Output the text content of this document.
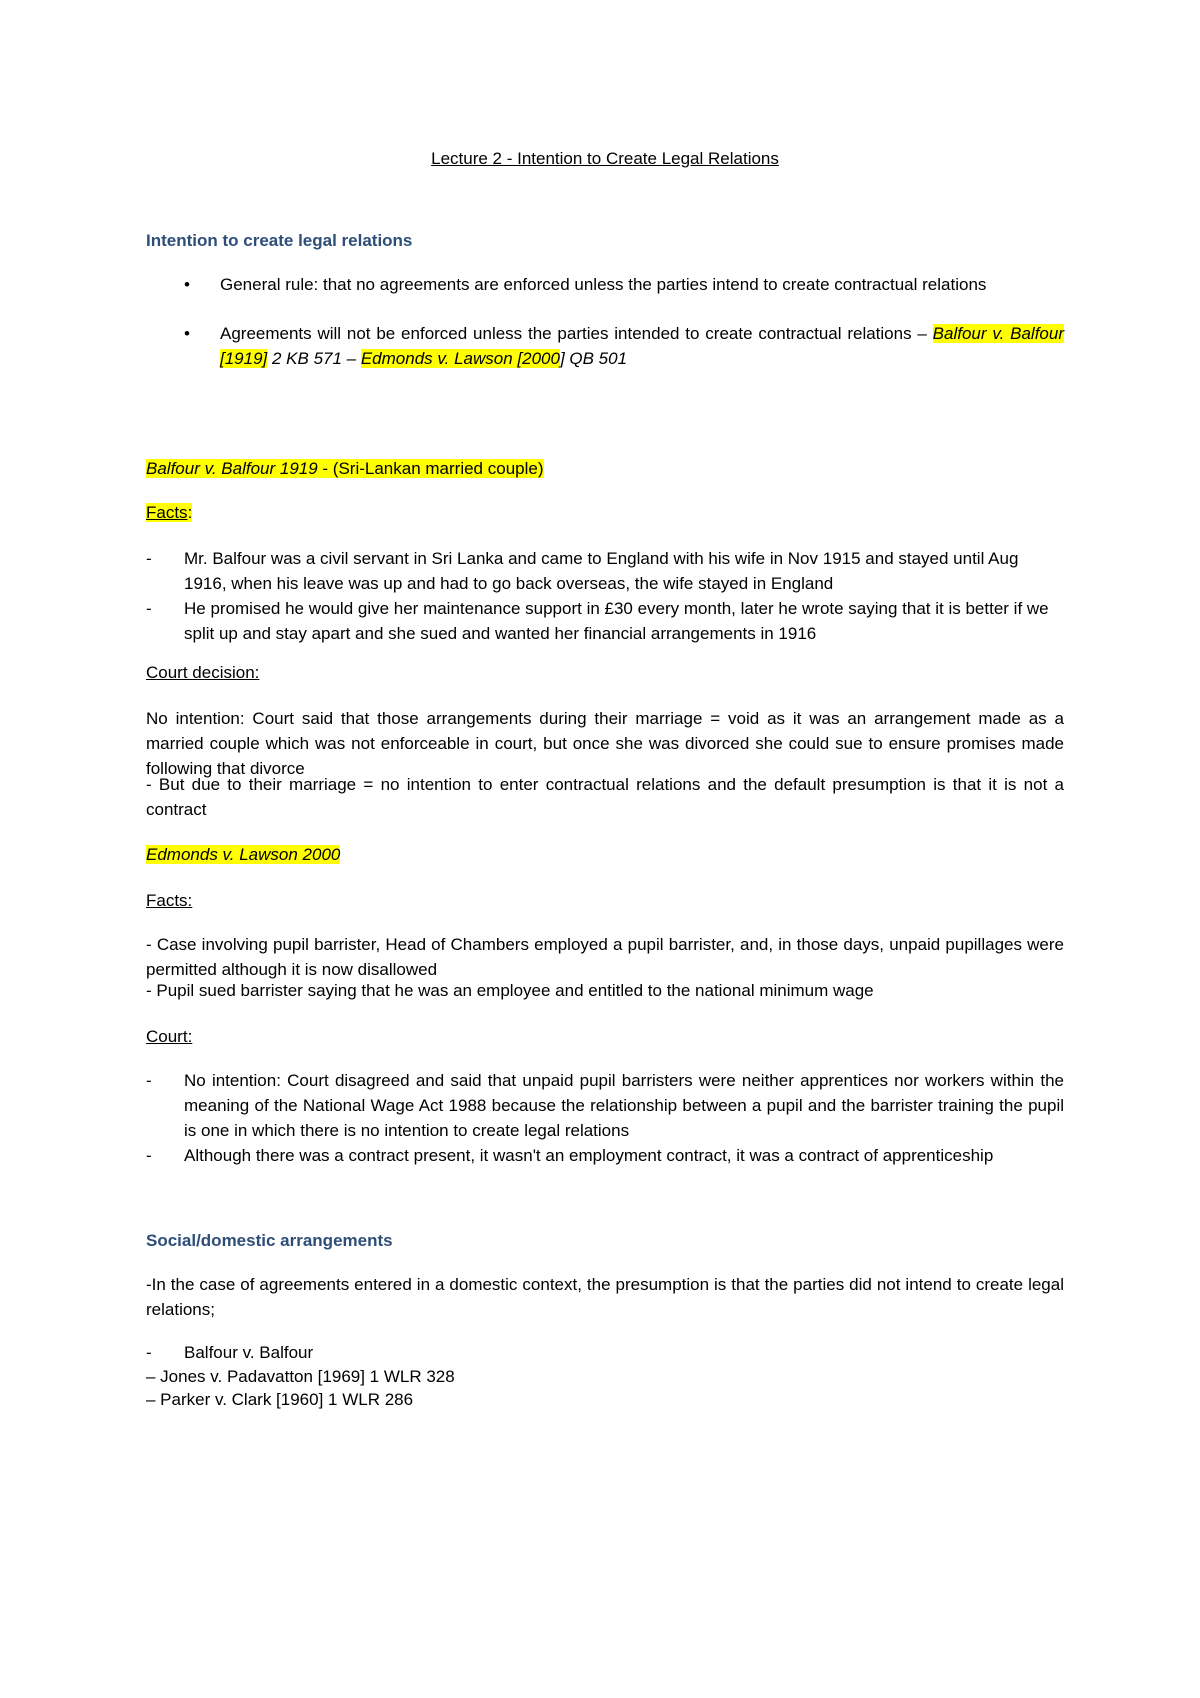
Lecture 2 - Intention to Create Legal Relations
Intention to create legal relations
• General rule: that no agreements are enforced unless the parties intend to create contractual relations
• Agreements will not be enforced unless the parties intended to create contractual relations – Balfour v. Balfour [1919] 2 KB 571 – Edmonds v. Lawson [2000] QB 501
Balfour v. Balfour 1919 - (Sri-Lankan married couple)
Facts:
- Mr. Balfour was a civil servant in Sri Lanka and came to England with his wife in Nov 1915 and stayed until Aug 1916, when his leave was up and had to go back overseas, the wife stayed in England
- He promised he would give her maintenance support in £30 every month, later he wrote saying that it is better if we split up and stay apart and she sued and wanted her financial arrangements in 1916
Court decision:
No intention: Court said that those arrangements during their marriage = void as it was an arrangement made as a married couple which was not enforceable in court, but once she was divorced she could sue to ensure promises made following that divorce
- But due to their marriage = no intention to enter contractual relations and the default presumption is that it is not a contract
Edmonds v. Lawson 2000
Facts:
- Case involving pupil barrister, Head of Chambers employed a pupil barrister, and, in those days, unpaid pupillages were permitted although it is now disallowed
- Pupil sued barrister saying that he was an employee and entitled to the national minimum wage
Court:
- No intention: Court disagreed and said that unpaid pupil barristers were neither apprentices nor workers within the meaning of the National Wage Act 1988 because the relationship between a pupil and the barrister training the pupil is one in which there is no intention to create legal relations
- Although there was a contract present, it wasn't an employment contract, it was a contract of apprenticeship
Social/domestic arrangements
-In the case of agreements entered in a domestic context, the presumption is that the parties did not intend to create legal relations;
- Balfour v. Balfour
– Jones v. Padavatton [1969] 1 WLR 328
– Parker v. Clark [1960] 1 WLR 286
